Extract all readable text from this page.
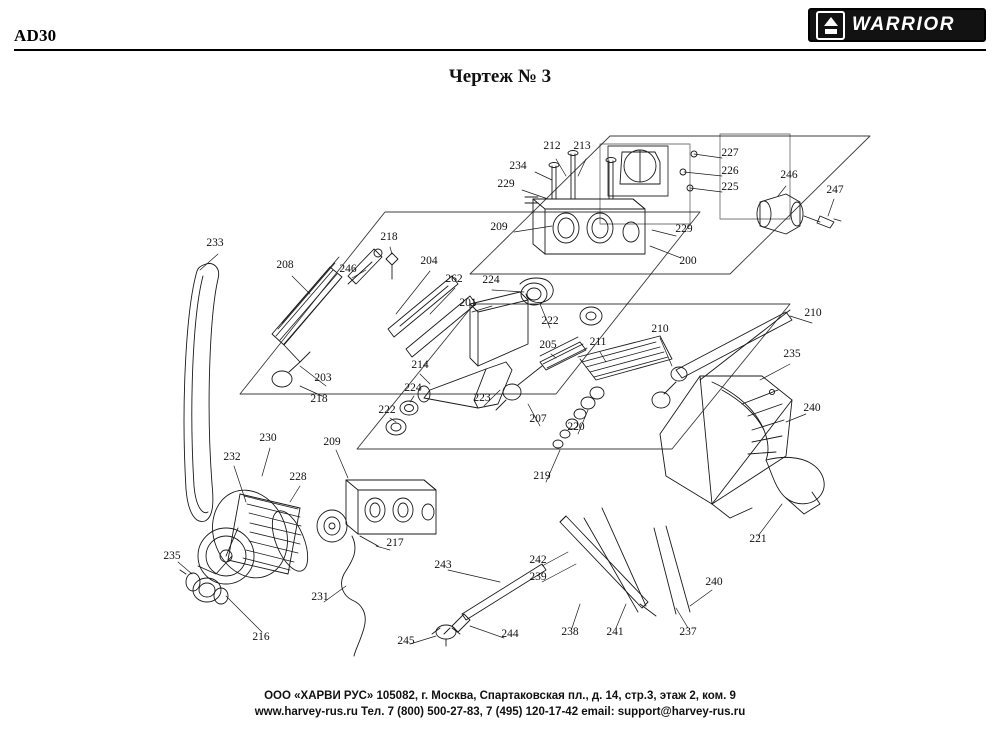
AD30
WARRIOR
Чертеж № 3
212 213
234
229
227
226
225
246
247
209	229
200
233
208
218
246
204
262 224
201
222
210
210
205	211
235
240
214
203
218
224
223
207
220
222
209
230
232
228	219
221
235
217
231
216
243	242
239	240
245
244	238 241	237
ООО «ХАРВИ РУС» 105082, г. Москва, Спартаковская пл., д. 14, стр.3, этаж 2, ком. 9
www.harvey-rus.ru Тел. 7 (800) 500-27-83, 7 (495) 120-17-42 email: support@harvey-rus.ru
